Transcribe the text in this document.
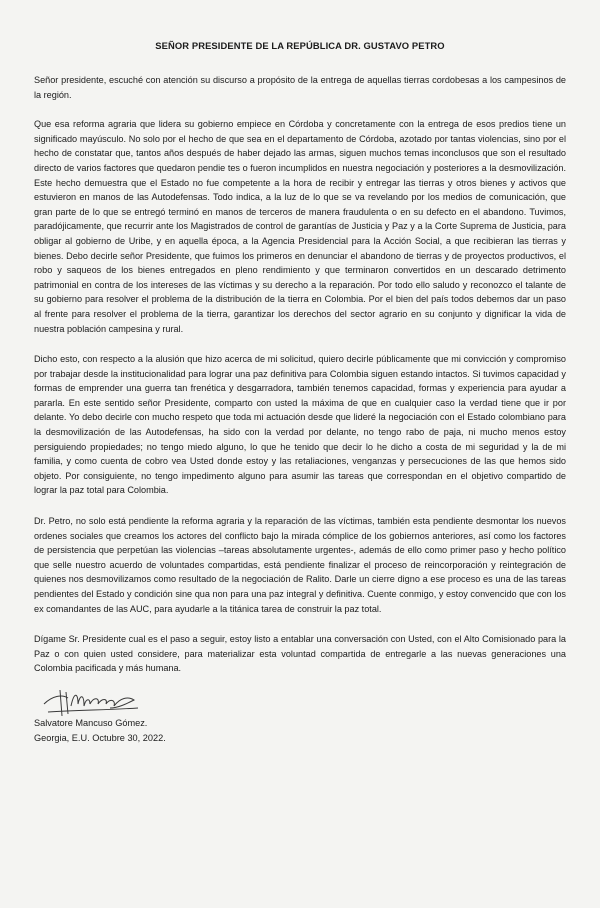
SEÑOR PRESIDENTE DE LA REPÚBLICA DR. GUSTAVO PETRO

Señor presidente, escuché con atención su discurso a propósito de la entrega de aquellas tierras cordobesas a los campesinos de la región.

Que esa reforma agraria que lidera su gobierno empiece en Córdoba y concretamente con la entrega de esos predios tiene un significado mayúsculo. No solo por el hecho de que sea en el departamento de Córdoba, azotado por tantas violencias, sino por el hecho de constatar que, tantos años después de haber dejado las armas, siguen muchos temas inconclusos que son el resultado directo de varios factores que quedaron pendie tes o fueron incumplidos en nuestra negociación y posteriores a la desmovilización. Este hecho demuestra que el Estado no fue competente a la hora de recibir y entregar las tierras y otros bienes y activos que estuvieron en manos de las Autodefensas. Todo indica, a la luz de lo que se va revelando por los medios de comunicación, que gran parte de lo que se entregó terminó en manos de terceros de manera fraudulenta o en su defecto en el abandono. Tuvimos, paradójicamente, que recurrir ante los Magistrados de control de garantías de Justicia y Paz y a la Corte Suprema de Justicia, para obligar al gobierno de Uribe, y en aquella época, a la Agencia Presidencial para la Acción Social, a que recibieran las tierras y bienes. Debo decirle señor Presidente, que fuimos los primeros en denunciar el abandono de tierras y de proyectos productivos, el robo y saqueos de los bienes entregados en pleno rendimiento y que terminaron convertidos en un descarado detrimento patrimonial en contra de los intereses de las víctimas y su derecho a la reparación. Por todo ello saludo y reconozco el talante de su gobierno para resolver el problema de la distribución de la tierra en Colombia. Por el bien del país todos debemos dar un paso al frente para resolver el problema de la tierra, garantizar los derechos del sector agrario en su conjunto y dignificar la vida de nuestra población campesina y rural.

Dicho esto, con respecto a la alusión que hizo acerca de mi solicitud, quiero decirle públicamente que mi convicción y compromiso por trabajar desde la institucionalidad para lograr una paz definitiva para Colombia siguen estando intactos. Si tuvimos capacidad y formas de emprender una guerra tan frenética y desgarradora, también tenemos capacidad, formas y experiencia para ayudar a pararla. En este sentido señor Presidente, comparto con usted la máxima de que en cualquier caso la verdad tiene que ir por delante. Yo debo decirle con mucho respeto que toda mi actuación desde que lideré la negociación con el Estado colombiano para la desmovilización de las Autodefensas, ha sido con la verdad por delante, no tengo rabo de paja, ni mucho menos estoy persiguiendo propiedades; no tengo miedo alguno, lo que he tenido que decir lo he dicho a costa de mi seguridad y la de mi familia, y como cuenta de cobro vea Usted donde estoy y las retaliaciones, venganzas y persecuciones de las que hemos sido objeto. Por consiguiente, no tengo impedimento alguno para asumir las tareas que correspondan en el objetivo compartido de lograr la paz total para Colombia.

Dr. Petro, no solo está pendiente la reforma agraria y la reparación de las víctimas, también esta pendiente desmontar los nuevos ordenes sociales que creamos los actores del conflicto bajo la mirada cómplice de los gobiernos anteriores, así como los factores de persistencia que perpetúan las violencias –tareas absolutamente urgentes-, además de ello como primer paso y hecho político que selle nuestro acuerdo de voluntades compartidas, está pendiente finalizar el proceso de reincorporación y reintegración de quienes nos desmovilizamos como resultado de la negociación de Ralito. Darle un cierre digno a ese proceso es una de las tareas pendientes del Estado y condición sine qua non para una paz integral y definitiva. Cuente conmigo, y estoy convencido que con los ex comandantes de las AUC, para ayudarle a la titánica tarea de construir la paz total.

Dígame Sr. Presidente cual es el paso a seguir, estoy listo a entablar una conversación con Usted, con el Alto Comisionado para la Paz o con quien usted considere, para materializar esta voluntad compartida de entregarle a las nuevas generaciones una Colombia pacificada y más humana.

Salvatore Mancuso Gómez.
Georgia, E.U. Octubre 30, 2022.
